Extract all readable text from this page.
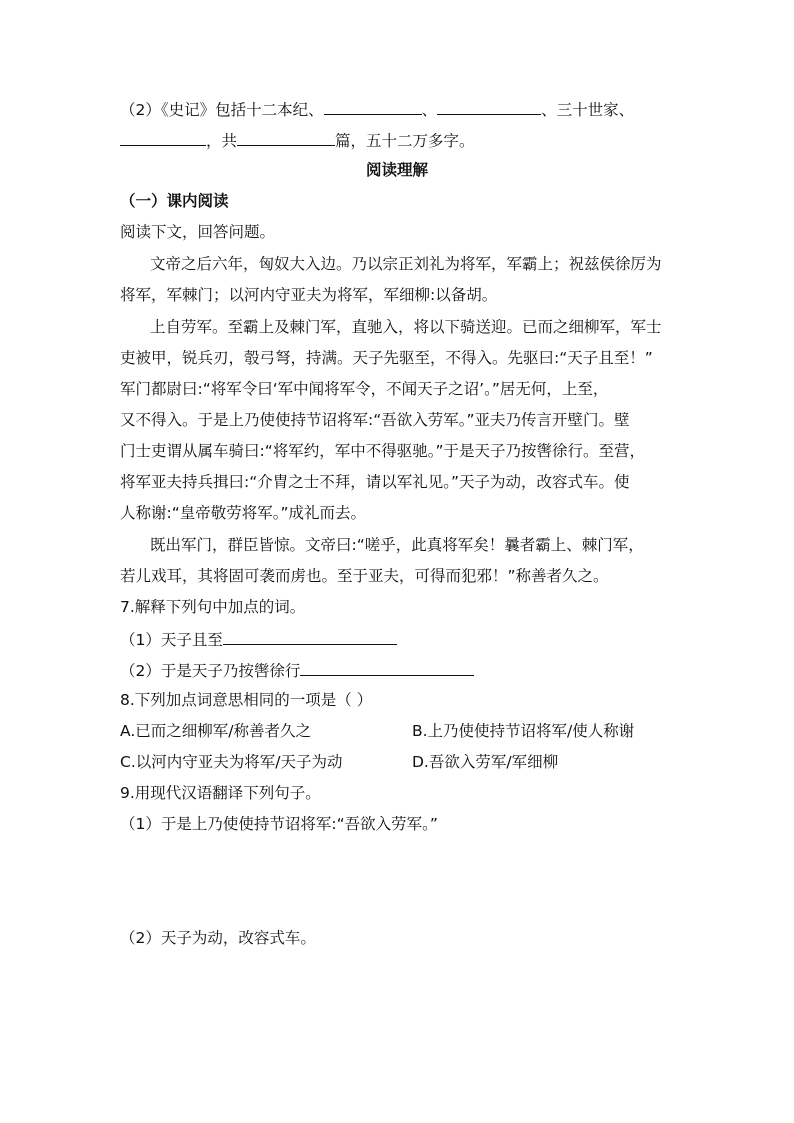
（2）《史记》包括十二本纪、	、	、三十世家、
，共	篇，五十二万多字。
阅读理解
（一）课内阅读
阅读下文，回答问题。
文帝之后六年，匈奴大入边。乃以宗正刘礼为将军，军霸上；祝兹侯徐厉为
将军，军棘门；以河内守亚夫为将军，军细柳:以备胡。
上自劳军。至霸上及棘门军，直驰入，将以下骑送迎。已而之细柳军，军士
吏被甲，锐兵刃，彀弓弩，持满。天子先驱至，不得入。先驱曰:“天子且至！”
军门都尉曰:“将军令曰‘军中闻将军令，不闻天子之诏’。”居无何，上至，
又不得入。于是上乃使使持节诏将军:“吾欲入劳军。”亚夫乃传言开壁门。壁
门士吏谓从属车骑曰:“将军约，军中不得驱驰。”于是天子乃按辔徐行。至营，
将军亚夫持兵揖曰:“介胄之士不拜，请以军礼见。”天子为动，改容式车。使
人称谢:“皇帝敬劳将军。”成礼而去。
既出军门，群臣皆惊。文帝曰:“嗟乎，此真将军矣！曩者霸上、棘门军，
若儿戏耳，其将固可袭而虏也。至于亚夫，可得而犯邪！”称善者久之。
7.解释下列句中加点的词。
（1）天子且至
（2）于是天子乃按辔徐行
8.下列加点词意思相同的一项是（ ）
A.已而之细柳军/称善者久之	B.上乃使使持节诏将军/使人称谢
C.以河内守亚夫为将军/天子为动	D.吾欲入劳军/军细柳
9.用现代汉语翻译下列句子。
（1）于是上乃使使持节诏将军:“吾欲入劳军。”
（2）天子为动，改容式车。
